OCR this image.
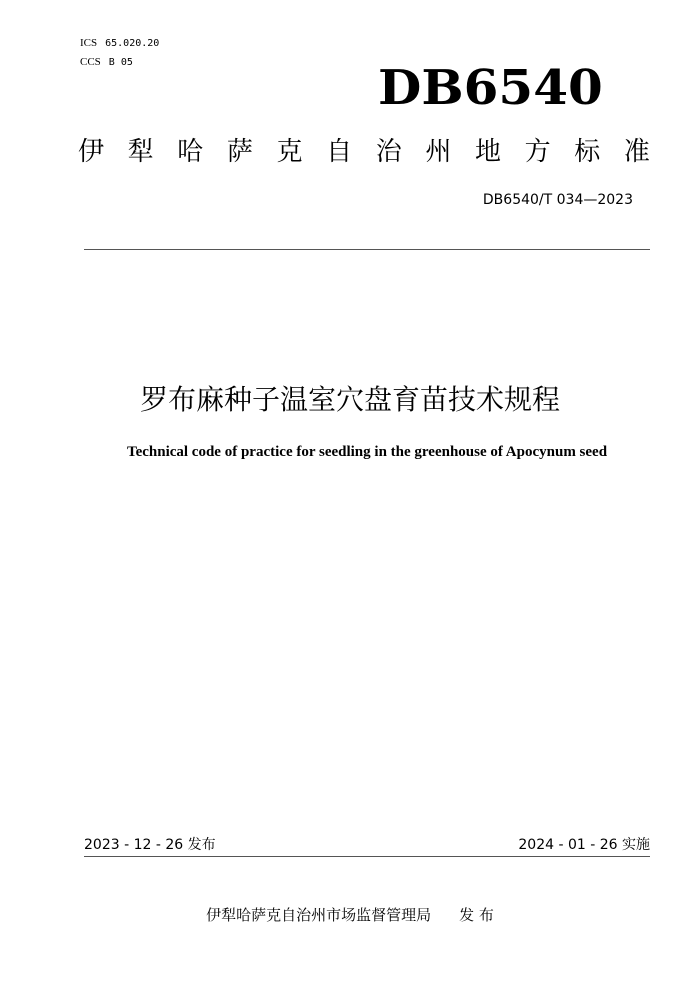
ICS 65.020.20
CCS B 05	DB6540
伊 犁 哈 萨 克 自 治 州 地 方 标 准
DB6540/T 034—2023
罗布麻种子温室穴盘育苗技术规程
Technical code of practice for seedling in the greenhouse of Apocynum seed
2023 - 12 - 26 发布	2024 - 01 - 26 实施
伊犁哈萨克自治州市场监督管理局 发 布
